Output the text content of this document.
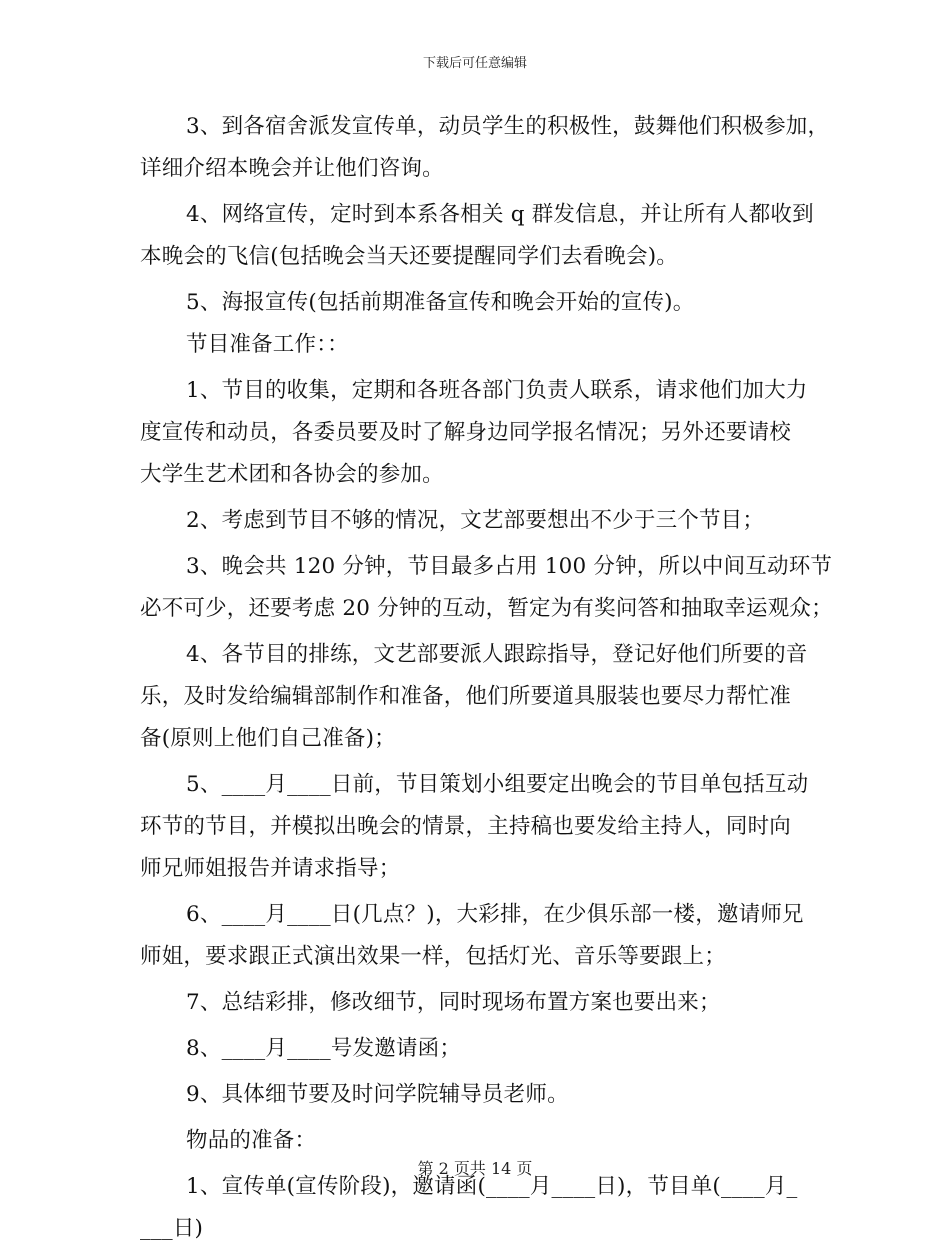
下载后可任意编辑
3、到各宿舍派发宣传单，动员学生的积极性，鼓舞他们积极参加，
详细介绍本晚会并让他们咨询。
4、网络宣传，定时到本系各相关 q 群发信息，并让所有人都收到
本晚会的飞信(包括晚会当天还要提醒同学们去看晚会)。
5、海报宣传(包括前期准备宣传和晚会开始的宣传)。
节目准备工作：：
1、节目的收集，定期和各班各部门负责人联系，请求他们加大力
度宣传和动员，各委员要及时了解身边同学报名情况；另外还要请校
大学生艺术团和各协会的参加。
2、考虑到节目不够的情况，文艺部要想出不少于三个节目；
3、晚会共 120 分钟，节目最多占用 100 分钟，所以中间互动环节
必不可少，还要考虑 20 分钟的互动，暂定为有奖问答和抽取幸运观众；
4、各节目的排练，文艺部要派人跟踪指导，登记好他们所要的音
乐，及时发给编辑部制作和准备，他们所要道具服装也要尽力帮忙准
备(原则上他们自己准备)；
5、____月____日前，节目策划小组要定出晚会的节目单包括互动
环节的节目，并模拟出晚会的情景，主持稿也要发给主持人，同时向
师兄师姐报告并请求指导；
6、____月____日(几点？)，大彩排，在少俱乐部一楼，邀请师兄
师姐，要求跟正式演出效果一样，包括灯光、音乐等要跟上；
7、总结彩排，修改细节，同时现场布置方案也要出来；
8、____月____号发邀请函；
9、具体细节要及时问学院辅导员老师。
物品的准备：
1、宣传单(宣传阶段)，邀请函(____月____日)，节目单(____月_
___日)
第 2 页共 14 页
